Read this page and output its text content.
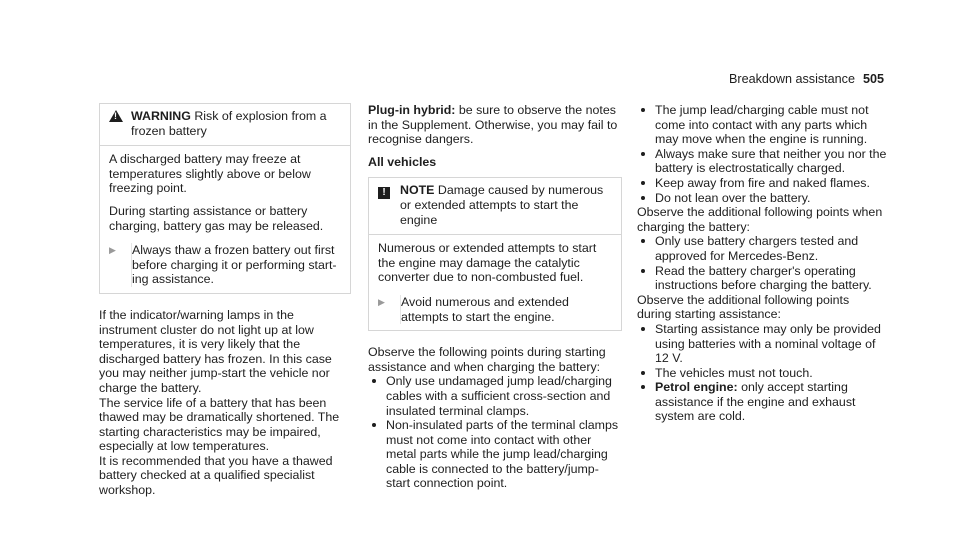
Breakdown assistance 505
!
WARNING Risk of explosion from a frozen battery

A discharged battery may freeze at temperatures slightly above or below freezing point.

During starting assistance or battery charging, battery gas may be released.

▶	Always thaw a frozen battery out first before charging it or performing start-ing assistance.

If the indicator/warning lamps in the instrument cluster do not light up at low temperatures, it is very likely that the discharged battery has frozen. In this case you may neither jump-start the vehicle nor charge the battery.

The service life of a battery that has been thawed may be dramatically shortened. The starting characteristics may be impaired, especially at low temperatures.

It is recommended that you have a thawed battery checked at a qualified specialist workshop.

Plug-in hybrid: be sure to observe the notes in the Supplement. Otherwise, you may fail to recognise dangers.

All vehicles

!	NOTE Damage caused by numerous or extended attempts to start the engine

Numerous or extended attempts to start the engine may damage the catalytic converter due to non-combusted fuel.

▶	Avoid numerous and extended attempts to start the engine.

Observe the following points during starting assistance and when charging the battery:

Only use undamaged jump lead/charging cables with a sufficient cross-section and insulated terminal clamps.
Non-insulated parts of the terminal clamps must not come into contact with other metal parts while the jump lead/charging cable is connected to the battery/jump-start connection point.
The jump lead/charging cable must not come into contact with any parts which may move when the engine is running.
Always make sure that neither you nor the battery is electrostatically charged.
Keep away from fire and naked flames.
Do not lean over the battery.

Observe the additional following points when charging the battery:

Only use battery chargers tested and approved for Mercedes-Benz.
Read the battery charger's operating instructions before charging the battery.

Observe the additional following points during starting assistance:

Starting assistance may only be provided using batteries with a nominal voltage of 12 V.
The vehicles must not touch.
Petrol engine: only accept starting assistance if the engine and exhaust system are cold.
